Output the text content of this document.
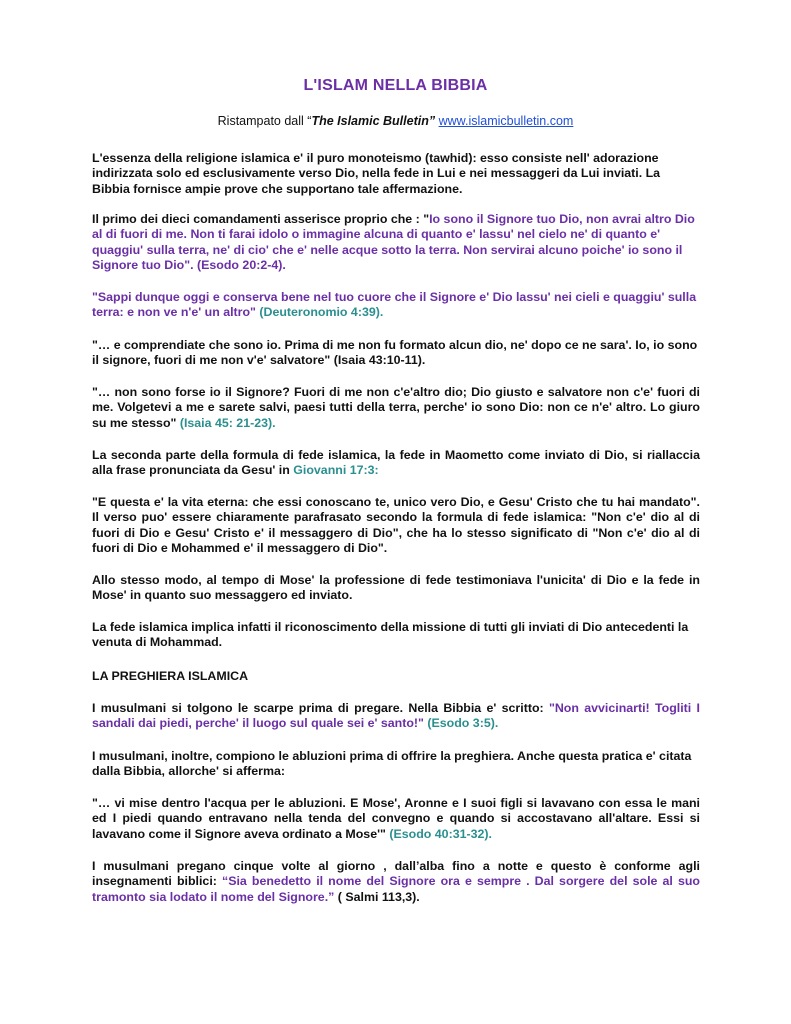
L'ISLAM NELLA BIBBIA
Ristampato dall “The Islamic Bulletin” www.islamicbulletin.com

L'essenza della religione islamica e' il puro monoteismo (tawhid): esso consiste nell' adorazione indirizzata solo ed esclusivamente verso Dio, nella fede in Lui e nei messaggeri da Lui inviati. La Bibbia fornisce ampie prove che supportano tale affermazione.

Il primo dei dieci comandamenti asserisce proprio che : "Io sono il Signore tuo Dio, non avrai altro Dio al di fuori di me. Non ti farai idolo o immagine alcuna di quanto e' lassu' nel cielo ne' di quanto e' quaggiu' sulla terra, ne' di cio' che e' nelle acque sotto la terra. Non servirai alcuno poiche' io sono il Signore tuo Dio". (Esodo 20:2-4).

"Sappi dunque oggi e conserva bene nel tuo cuore che il Signore e' Dio lassu' nei cieli e quaggiu' sulla terra: e non ve n'e' un altro" (Deuteronomio 4:39).

"… e comprendiate che sono io. Prima di me non fu formato alcun dio, ne' dopo ce ne sara'. Io, io sono il signore, fuori di me non v'e' salvatore" (Isaia 43:10-11).

"… non sono forse io il Signore? Fuori di me non c'e'altro dio; Dio giusto e salvatore non c'e' fuori di me. Volgetevi a me e sarete salvi, paesi tutti della terra, perche' io sono Dio: non ce n'e' altro. Lo giuro su me stesso" (Isaia 45: 21-23).

La seconda parte della formula di fede islamica, la fede in Maometto come inviato di Dio, si riallaccia alla frase pronunciata da Gesu' in Giovanni 17:3:

"E questa e' la vita eterna: che essi conoscano te, unico vero Dio, e Gesu' Cristo che tu hai mandato". Il verso puo' essere chiaramente parafrasato secondo la formula di fede islamica: "Non c'e' dio al di fuori di Dio e Gesu' Cristo e' il messaggero di Dio", che ha lo stesso significato di "Non c'e' dio al di fuori di Dio e Mohammed e' il messaggero di Dio".

Allo stesso modo, al tempo di Mose' la professione di fede testimoniava l'unicita' di Dio e la fede in Mose' in quanto suo messaggero ed inviato.

La fede islamica implica infatti il riconoscimento della missione di tutti gli inviati di Dio antecedenti la venuta di Mohammad.

LA PREGHIERA ISLAMICA

I musulmani si tolgono le scarpe prima di pregare. Nella Bibbia e' scritto: "Non avvicinarti! Togliti I sandali dai piedi, perche' il luogo sul quale sei e' santo!" (Esodo 3:5).

I musulmani, inoltre, compiono le abluzioni prima di offrire la preghiera. Anche questa pratica e' citata dalla Bibbia, allorche' si afferma:

"… vi mise dentro l'acqua per le abluzioni. E Mose', Aronne e I suoi figli si lavavano con essa le mani ed I piedi quando entravano nella tenda del convegno e quando si accostavano all'altare. Essi si lavavano come il Signore aveva ordinato a Mose'" (Esodo 40:31-32).

I musulmani pregano cinque volte al giorno , dall’alba fino a notte e questo è conforme agli insegnamenti biblici: “Sia benedetto il nome del Signore ora e sempre . Dal sorgere del sole al suo tramonto sia lodato il nome del Signore.” ( Salmi 113,3).
